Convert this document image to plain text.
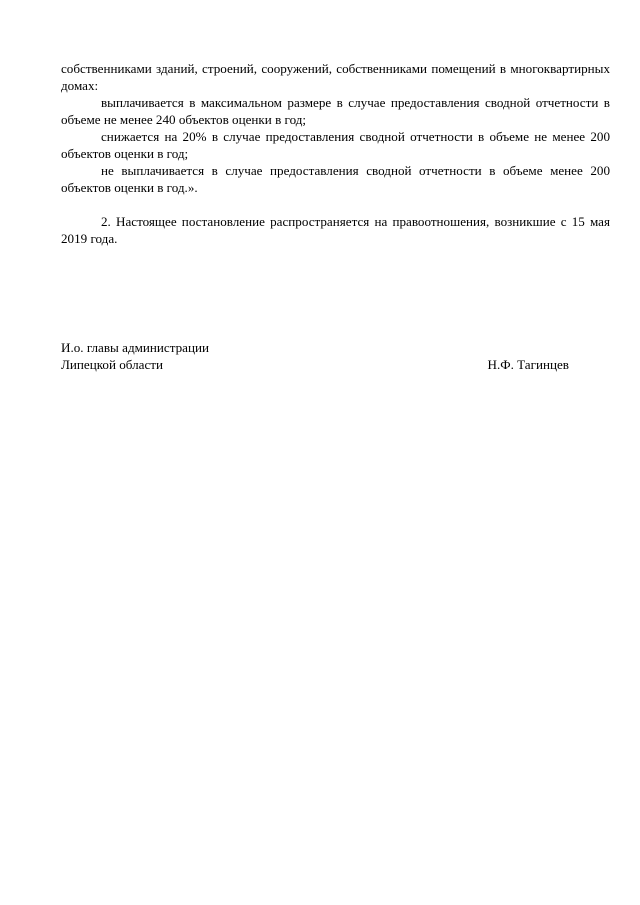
собственниками зданий, строений, сооружений, собственниками помещений в многоквартирных домах:

выплачивается в максимальном размере в случае предоставления сводной отчетности в объеме не менее 240 объектов оценки в год;

снижается на 20% в случае предоставления сводной отчетности в объеме не менее 200 объектов оценки в год;

не выплачивается в случае предоставления сводной отчетности в объеме менее 200 объектов оценки в год.».

2. Настоящее постановление распространяется на правоотношения, возникшие с 15 мая 2019 года.

И.о. главы администрации
Липецкой области	Н.Ф. Тагинцев
